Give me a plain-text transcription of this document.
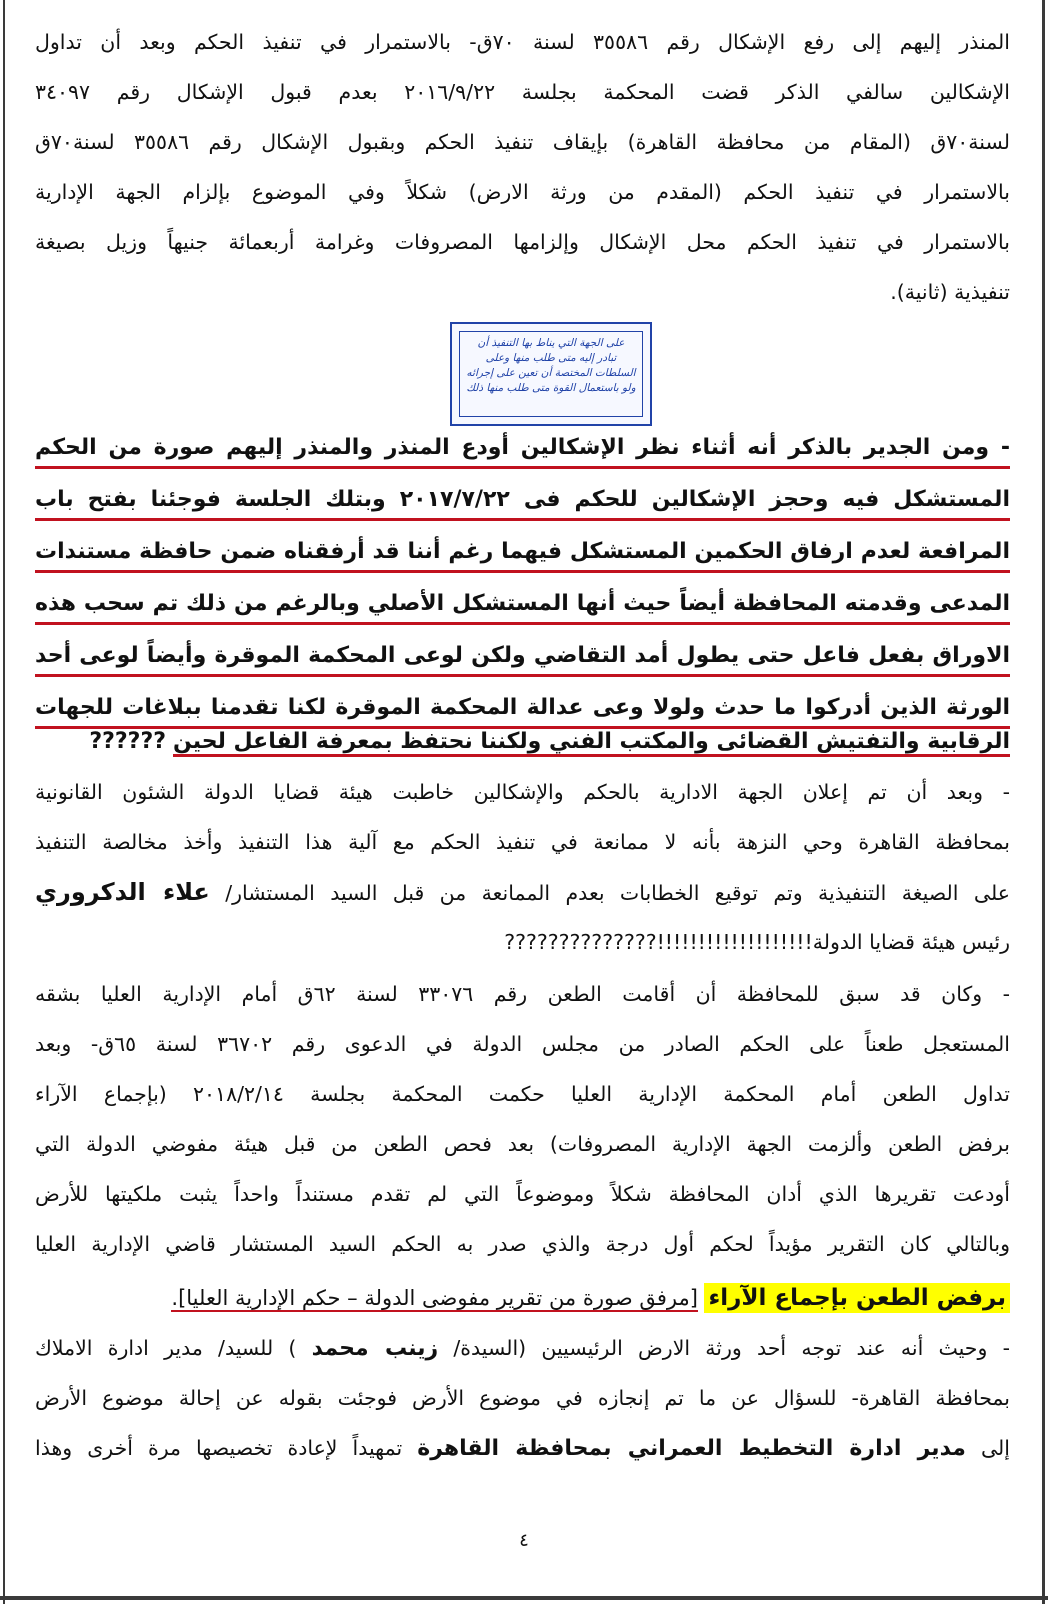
المنذر إليهم إلى رفع الإشكال رقم ٣٥٥٨٦ لسنة ٧٠ق- بالاستمرار في تنفيذ الحكم وبعد أن تداول
الإشكالين سالفي الذكر قضت المحكمة بجلسة ٢٠١٦/٩/٢٢ بعدم قبول الإشكال رقم ٣٤٠٩٧
لسنة٧٠ق (المقام من محافظة القاهرة) بإيقاف تنفيذ الحكم وبقبول الإشكال رقم ٣٥٥٨٦ لسنة٧٠ق
بالاستمرار في تنفيذ الحكم (المقدم من ورثة الارض) شكلاً وفي الموضوع بإلزام الجهة الإدارية
بالاستمرار في تنفيذ الحكم محل الإشكال وإلزامها المصروفات وغرامة أربعمائة جنيهاً وزيل بصيغة
تنفيذية (ثانية).
على الجهة التي يناط بها التنفيذ أن
تبادر إليه متى طلب منها وعلى
السلطات المختصة أن تعين على إجرائه
ولو باستعمال القوة متى طلب منها ذلك
- ومن الجدير بالذكر أنه أثناء نظر الإشكالين أودع المنذر والمنذر إليهم صورة من الحكم
المستشكل فيه وحجز الإشكالين للحكم فى ٢٠١٧/٧/٢٢ وبتلك الجلسة فوجئنا بفتح باب
المرافعة لعدم ارفاق الحكمين المستشكل فيهما رغم أننا قد أرفقناه ضمن حافظة مستندات
المدعى وقدمته المحافظة أيضاً حيث أنها المستشكل الأصلي وبالرغم من ذلك تم سحب هذه
الاوراق بفعل فاعل حتى يطول أمد التقاضي ولكن لوعى المحكمة الموقرة وأيضاً لوعى أحد
الورثة الذين أدركوا ما حدث ولولا وعى عدالة المحكمة الموقرة لكنا تقدمنا ببلاغات للجهات
الرقابية والتفتيش القضائى والمكتب الفني ولكننا نحتفظ بمعرفة الفاعل لحين ??????
- وبعد أن تم إعلان الجهة الادارية بالحكم والإشكالين خاطبت هيئة قضايا الدولة الشئون القانونية
بمحافظة القاهرة وحي النزهة بأنه لا ممانعة في تنفيذ الحكم مع آلية هذا التنفيذ وأخذ مخالصة التنفيذ
على الصيغة التنفيذية وتم توقيع الخطابات بعدم الممانعة من قبل السيد المستشار/ علاء الدكروري
رئيس هيئة قضايا الدولة!!!!!!!!!!!!!!!!!!!??????????????
- وكان قد سبق للمحافظة أن أقامت الطعن رقم ٣٣٠٧٦ لسنة ٦٢ق أمام الإدارية العليا بشقه
المستعجل طعناً على الحكم الصادر من مجلس الدولة في الدعوى رقم ٣٦٧٠٢ لسنة ٦٥ق- وبعد
تداول الطعن أمام المحكمة الإدارية العليا حكمت المحكمة بجلسة ٢٠١٨/٢/١٤ (بإجماع الآراء
برفض الطعن وألزمت الجهة الإدارية المصروفات) بعد فحص الطعن من قبل هيئة مفوضي الدولة التي
أودعت تقريرها الذي أدان المحافظة شكلاً وموضوعاً التي لم تقدم مستنداً واحداً يثبت ملكيتها للأرض
وبالتالي كان التقرير مؤيداً لحكم أول درجة والذي صدر به الحكم السيد المستشار قاضي الإدارية العليا
برفض الطعن بإجماع الآراء [مرفق صورة من تقرير مفوضى الدولة – حكم الإدارية العليا].
- وحيث أنه عند توجه أحد ورثة الارض الرئيسيين (السيدة/ زينب محمد ) للسيد/ مدير ادارة الاملاك
بمحافظة القاهرة- للسؤال عن ما تم إنجازه في موضوع الأرض فوجئت بقوله عن إحالة موضوع الأرض
إلى مدير ادارة التخطيط العمراني بمحافظة القاهرة تمهيداً لإعادة تخصيصها مرة أخرى وهذا
٤
